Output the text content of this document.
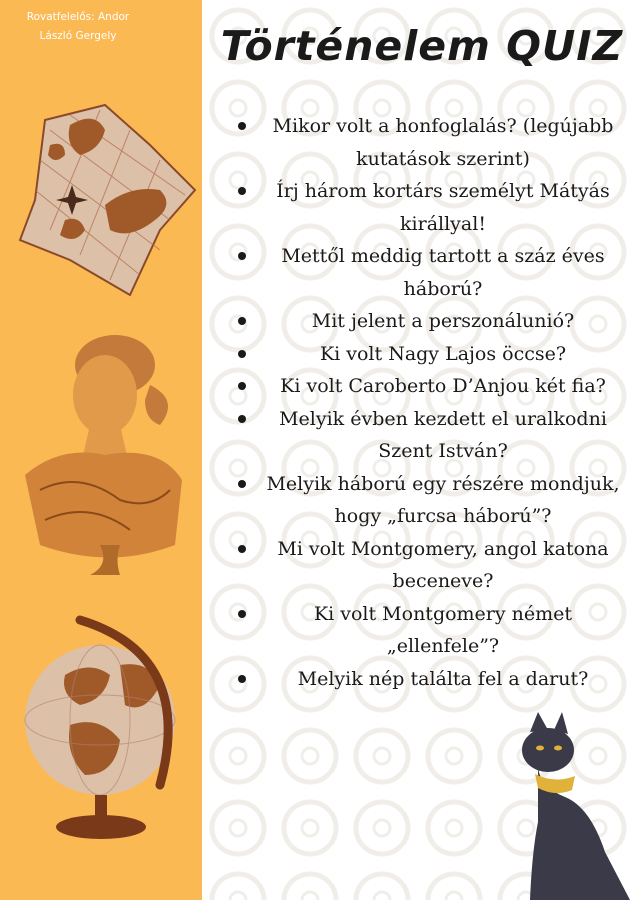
Rovatfelelős: Andor László Gergely	Történelem QUIZ
Mikor volt a honfoglalás? (legújabb kutatások szerint)
Írj három kortárs személyt Mátyás királlyal!
Mettől meddig tartott a száz éves háború?
Mit jelent a perszonálunió?
Ki volt Nagy Lajos öccse?
Ki volt Caroberto D’Anjou két fia?
Melyik évben kezdett el uralkodni Szent István?
Melyik háború egy részére mondjuk, hogy „furcsa háború”?
Mi volt Montgomery, angol katona beceneve?
Ki volt Montgomery német „ellenfele”?
Melyik nép találta fel a darut?
